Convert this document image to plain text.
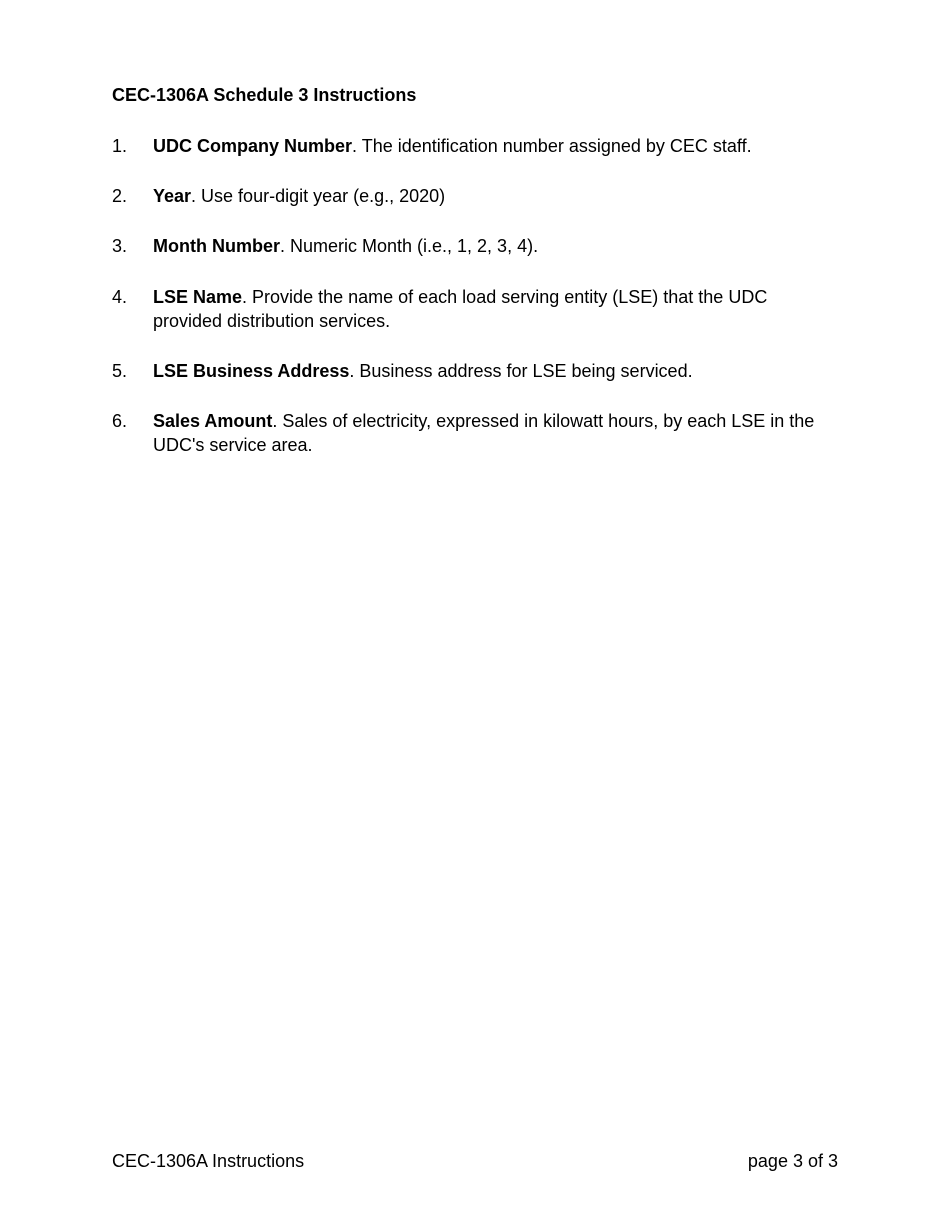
CEC-1306A Schedule 3 Instructions
1. UDC Company Number. The identification number assigned by CEC staff.
2. Year. Use four-digit year (e.g., 2020)
3. Month Number. Numeric Month (i.e., 1, 2, 3, 4).
4. LSE Name. Provide the name of each load serving entity (LSE) that the UDC provided distribution services.
5. LSE Business Address. Business address for LSE being serviced.
6. Sales Amount. Sales of electricity, expressed in kilowatt hours, by each LSE in the UDC's service area.
CEC-1306A Instructions	page 3 of 3
